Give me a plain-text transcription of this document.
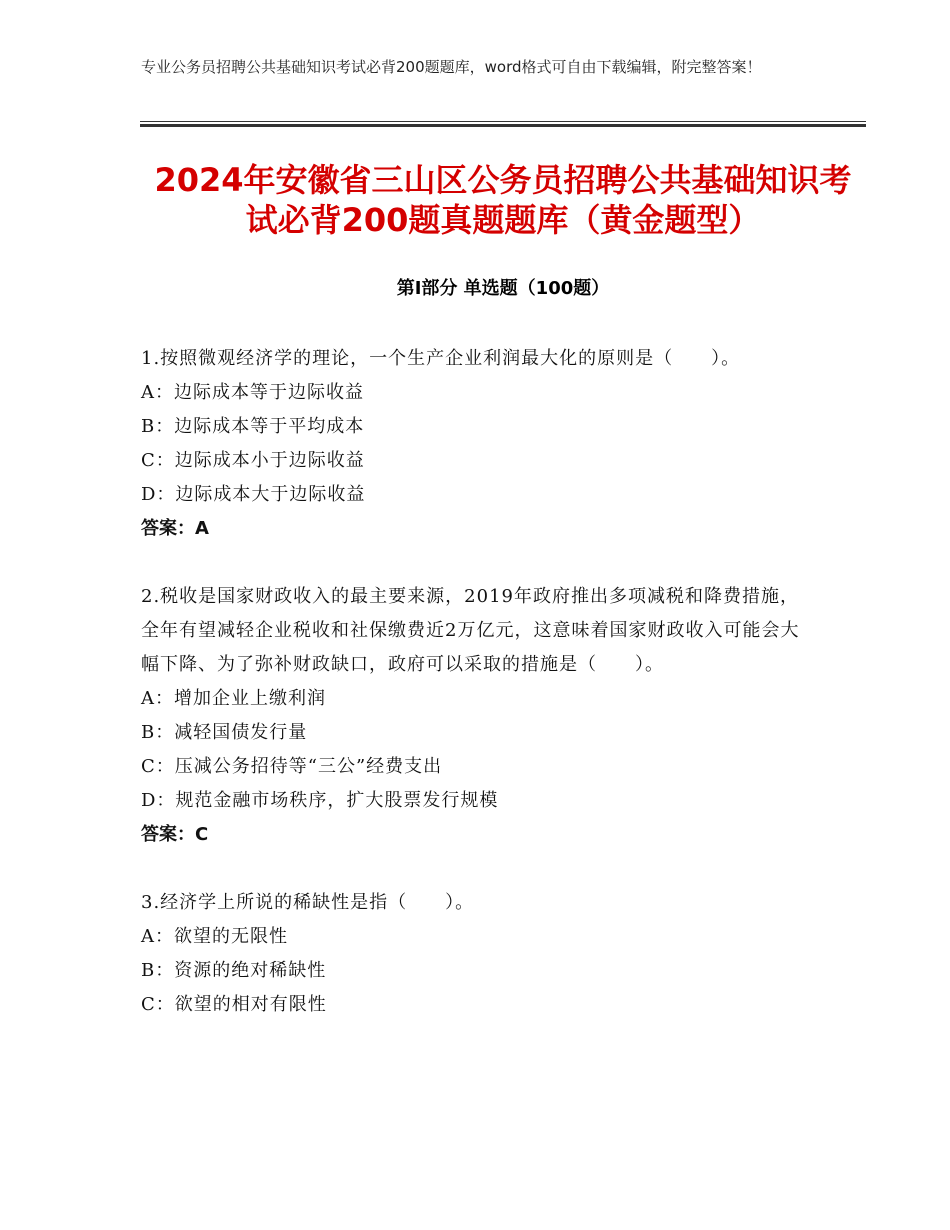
专业公务员招聘公共基础知识考试必背200题题库，word格式可自由下载编辑，附完整答案！
2024年安徽省三山区公务员招聘公共基础知识考试必背200题真题题库（黄金题型）
第Ⅰ部分 单选题（100题）

1.按照微观经济学的理论，一个生产企业利润最大化的原则是（　　）。

A：边际成本等于边际收益

B：边际成本等于平均成本

C：边际成本小于边际收益

D：边际成本大于边际收益

答案：A

2.税收是国家财政收入的最主要来源，2019年政府推出多项减税和降费措施，全年有望减轻企业税收和社保缴费近2万亿元，这意味着国家财政收入可能会大幅下降、为了弥补财政缺口，政府可以采取的措施是（　　）。

A：增加企业上缴利润

B：减轻国债发行量

C：压减公务招待等“三公”经费支出

D：规范金融市场秩序，扩大股票发行规模

答案：C

3.经济学上所说的稀缺性是指（　　）。

A：欲望的无限性

B：资源的绝对稀缺性

C：欲望的相对有限性
